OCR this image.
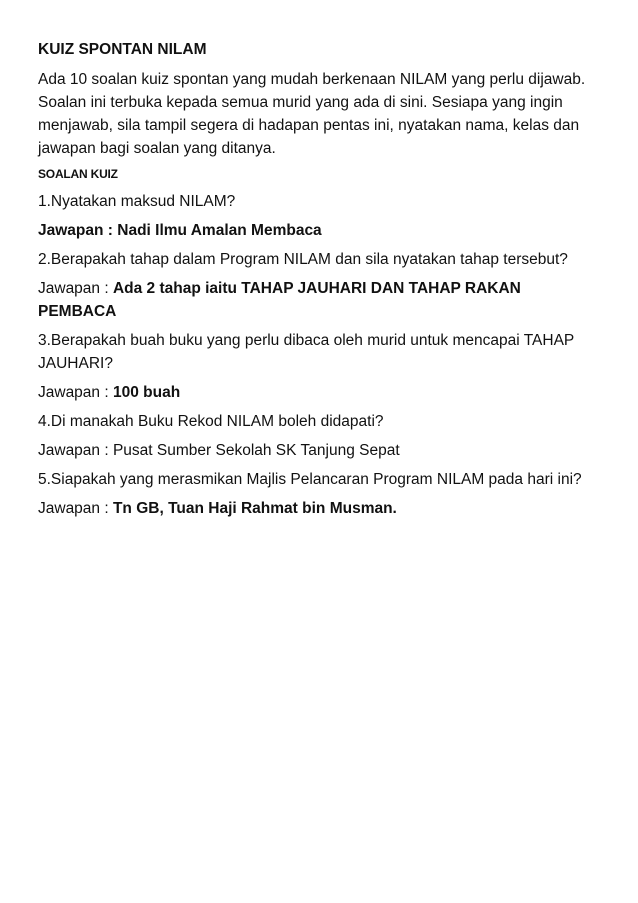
KUIZ SPONTAN NILAM
Ada 10 soalan kuiz spontan yang mudah berkenaan NILAM yang perlu dijawab. Soalan ini terbuka kepada semua murid yang ada di sini. Sesiapa yang ingin menjawab, sila tampil segera di hadapan pentas ini, nyatakan nama, kelas dan jawapan bagi soalan yang ditanya.
SOALAN KUIZ
1.Nyatakan maksud NILAM?
Jawapan : Nadi Ilmu Amalan Membaca
2.Berapakah tahap dalam Program NILAM dan sila nyatakan tahap tersebut?
Jawapan : Ada 2 tahap iaitu TAHAP JAUHARI DAN TAHAP RAKAN PEMBACA
3.Berapakah buah buku yang perlu dibaca oleh murid untuk mencapai TAHAP JAUHARI?
Jawapan : 100 buah
4.Di manakah Buku Rekod NILAM boleh didapati?
Jawapan : Pusat Sumber Sekolah SK Tanjung Sepat
5.Siapakah yang merasmikan Majlis Pelancaran Program NILAM pada hari ini?
Jawapan : Tn GB, Tuan Haji Rahmat bin Musman.
